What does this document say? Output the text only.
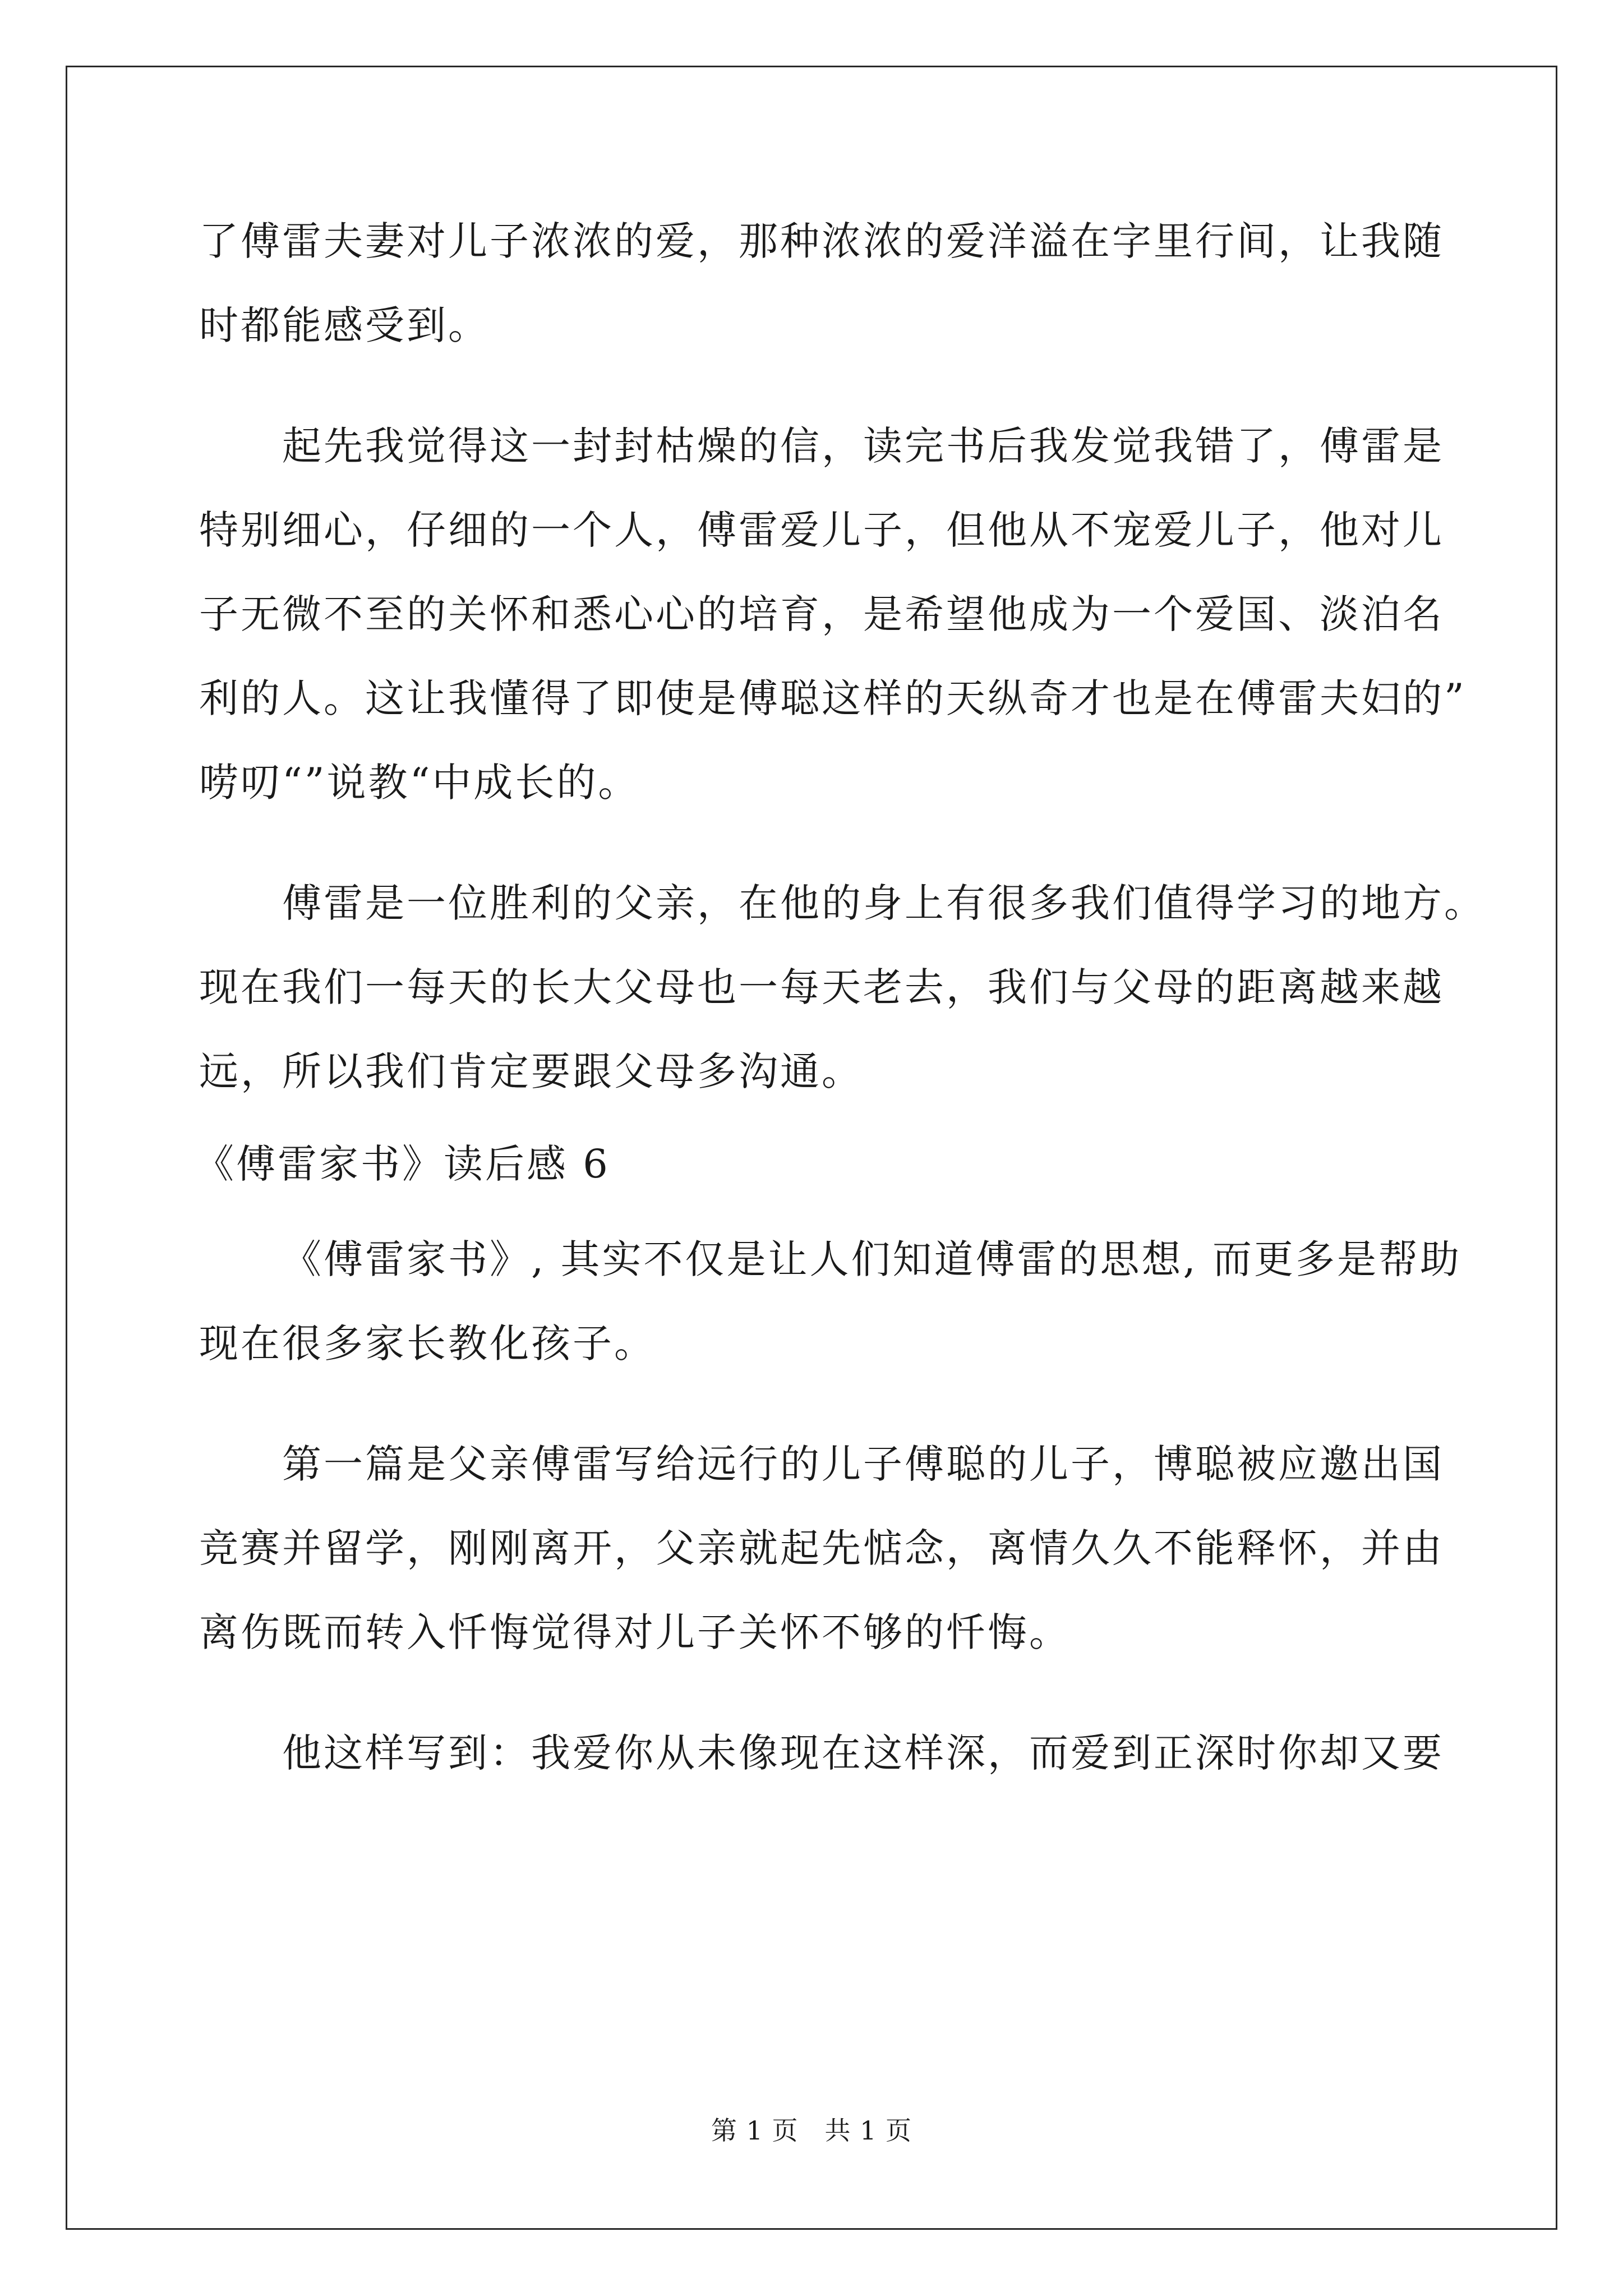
了傅雷夫妻对儿子浓浓的爱，那种浓浓的爱洋溢在字里行间，让我随
时都能感受到。
起先我觉得这一封封枯燥的信，读完书后我发觉我错了，傅雷是
特别细心，仔细的一个人，傅雷爱儿子，但他从不宠爱儿子，他对儿
子无微不至的关怀和悉心心的培育，是希望他成为一个爱国、淡泊名
利的人。这让我懂得了即使是傅聪这样的天纵奇才也是在傅雷夫妇的”
唠叨“”说教“中成长的。
傅雷是一位胜利的父亲，在他的身上有很多我们值得学习的地方。
现在我们一每天的长大父母也一每天老去，我们与父母的距离越来越
远，所以我们肯定要跟父母多沟通。
《傅雷家书》读后感 6
《傅雷家书》, 其实不仅是让人们知道傅雷的思想, 而更多是帮助
现在很多家长教化孩子。
第一篇是父亲傅雷写给远行的儿子傅聪的儿子，博聪被应邀出国
竞赛并留学，刚刚离开，父亲就起先惦念，离情久久不能释怀，并由
离伤既而转入忏悔觉得对儿子关怀不够的忏悔。
他这样写到：我爱你从未像现在这样深，而爱到正深时你却又要
第 1 页　共 1 页
